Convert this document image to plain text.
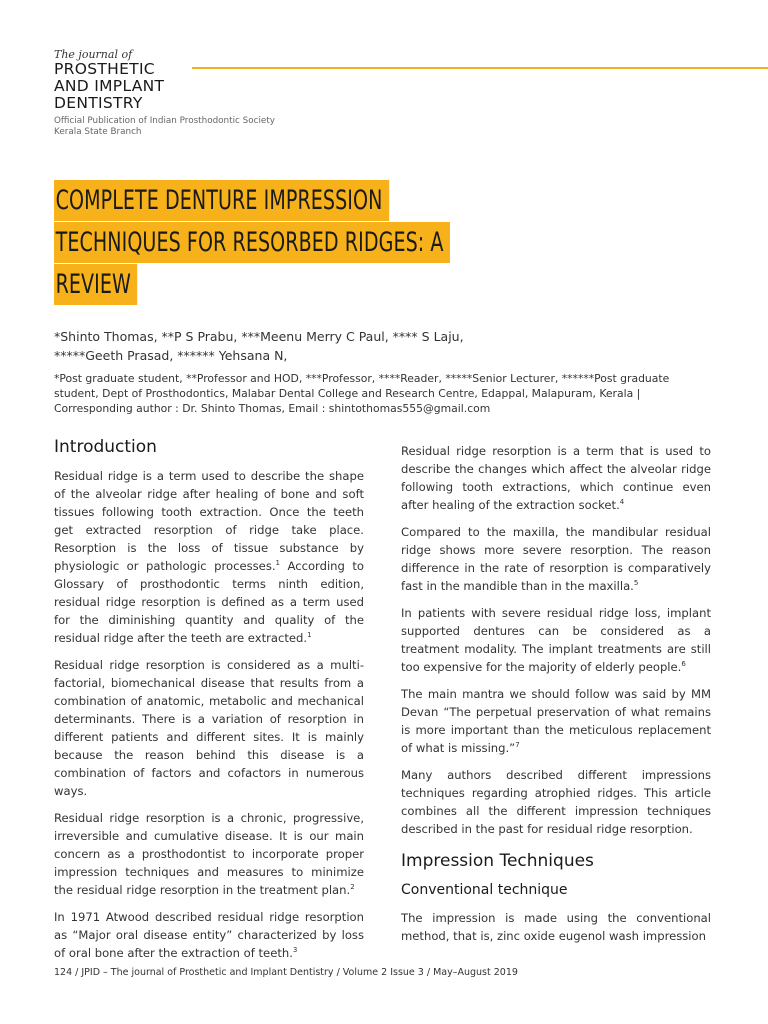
The journal of
PROSTHETIC
AND IMPLANT
DENTISTRY
Official Publication of Indian Prosthodontic Society
Kerala State Branch
COMPLETE DENTURE IMPRESSION
TECHNIQUES FOR RESORBED RIDGES: A
REVIEW
*Shinto Thomas, **P S Prabu, ***Meenu Merry C Paul, **** S Laju,
*****Geeth Prasad, ****** Yehsana N,
*Post graduate student, **Professor and HOD, ***Professor, ****Reader, *****Senior Lecturer, ******Post graduate student, Dept of Prosthodontics, Malabar Dental College and Research Centre, Edappal, Malapuram, Kerala | Corresponding author : Dr. Shinto Thomas, Email : shintothomas555@gmail.com
Introduction

Residual ridge is a term used to describe the shape of the alveolar ridge after healing of bone and soft tissues following tooth extraction. Once the teeth get extracted resorption of ridge take place. Resorption is the loss of tissue substance by physiologic or pathologic processes.$^1$ According to Glossary of prosthodontic terms ninth edition, residual ridge resorption is defined as a term used for the diminishing quantity and quality of the residual ridge after the teeth are extracted.$^1$

Residual ridge resorption is considered as a multi-factorial, biomechanical disease that results from a combination of anatomic, metabolic and mechanical determinants. There is a variation of resorption in different patients and different sites. It is mainly because the reason behind this disease is a combination of factors and cofactors in numerous ways.

Residual ridge resorption is a chronic, progressive, irreversible and cumulative disease. It is our main concern as a prosthodontist to incorporate proper impression techniques and measures to minimize the residual ridge resorption in the treatment plan.$^2$

In 1971 Atwood described residual ridge resorption as “Major oral disease entity” characterized by loss of oral bone after the extraction of teeth.$^3$

Residual ridge resorption is a term that is used to describe the changes which affect the alveolar ridge following tooth extractions, which continue even after healing of the extraction socket.$^4$

Compared to the maxilla, the mandibular residual ridge shows more severe resorption. The reason difference in the rate of resorption is comparatively fast in the mandible than in the maxilla.$^5$

In patients with severe residual ridge loss, implant supported dentures can be considered as a treatment modality. The implant treatments are still too expensive for the majority of elderly people.$^6$

The main mantra we should follow was said by MM Devan “The perpetual preservation of what remains is more important than the meticulous replacement of what is missing.”$^7$

Many authors described different impressions techniques regarding atrophied ridges. This article combines all the different impression techniques described in the past for residual ridge resorption.

Impression Techniques
Conventional technique

The impression is made using the conventional method, that is, zinc oxide eugenol wash impression

124 / JPID – The journal of Prosthetic and Implant Dentistry / Volume 2 Issue 3 / May–August 2019
